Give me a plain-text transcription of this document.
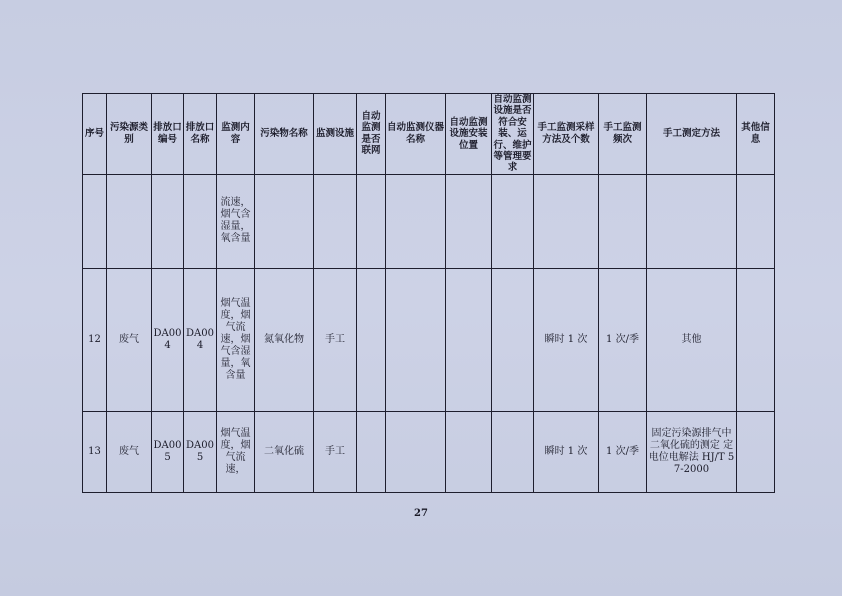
序号	污染源类别	排放口编号	排放口名称	监测内容	污染物名称	监测设施	自动监测是否联网	自动监测仪器名称	自动监测设施安装位置	自动监测设施是否符合安装、运行、维护等管理要求	手工监测采样方法及个数	手工监测频次	手工测定方法	其他信息
				流速，烟气含湿量，氧含量										
12	废气	DA004	DA004	烟气温度，烟气流速，烟气含湿量，氧含量	氮氧化物	手工					瞬时 1 次	1 次/季	其他	
13	废气	DA005	DA005	烟气温度，烟气流速，	二氧化硫	手工					瞬时 1 次	1 次/季	固定污染源排气中二氧化硫的测定 定电位电解法 HJ/T 57-2000	
27
